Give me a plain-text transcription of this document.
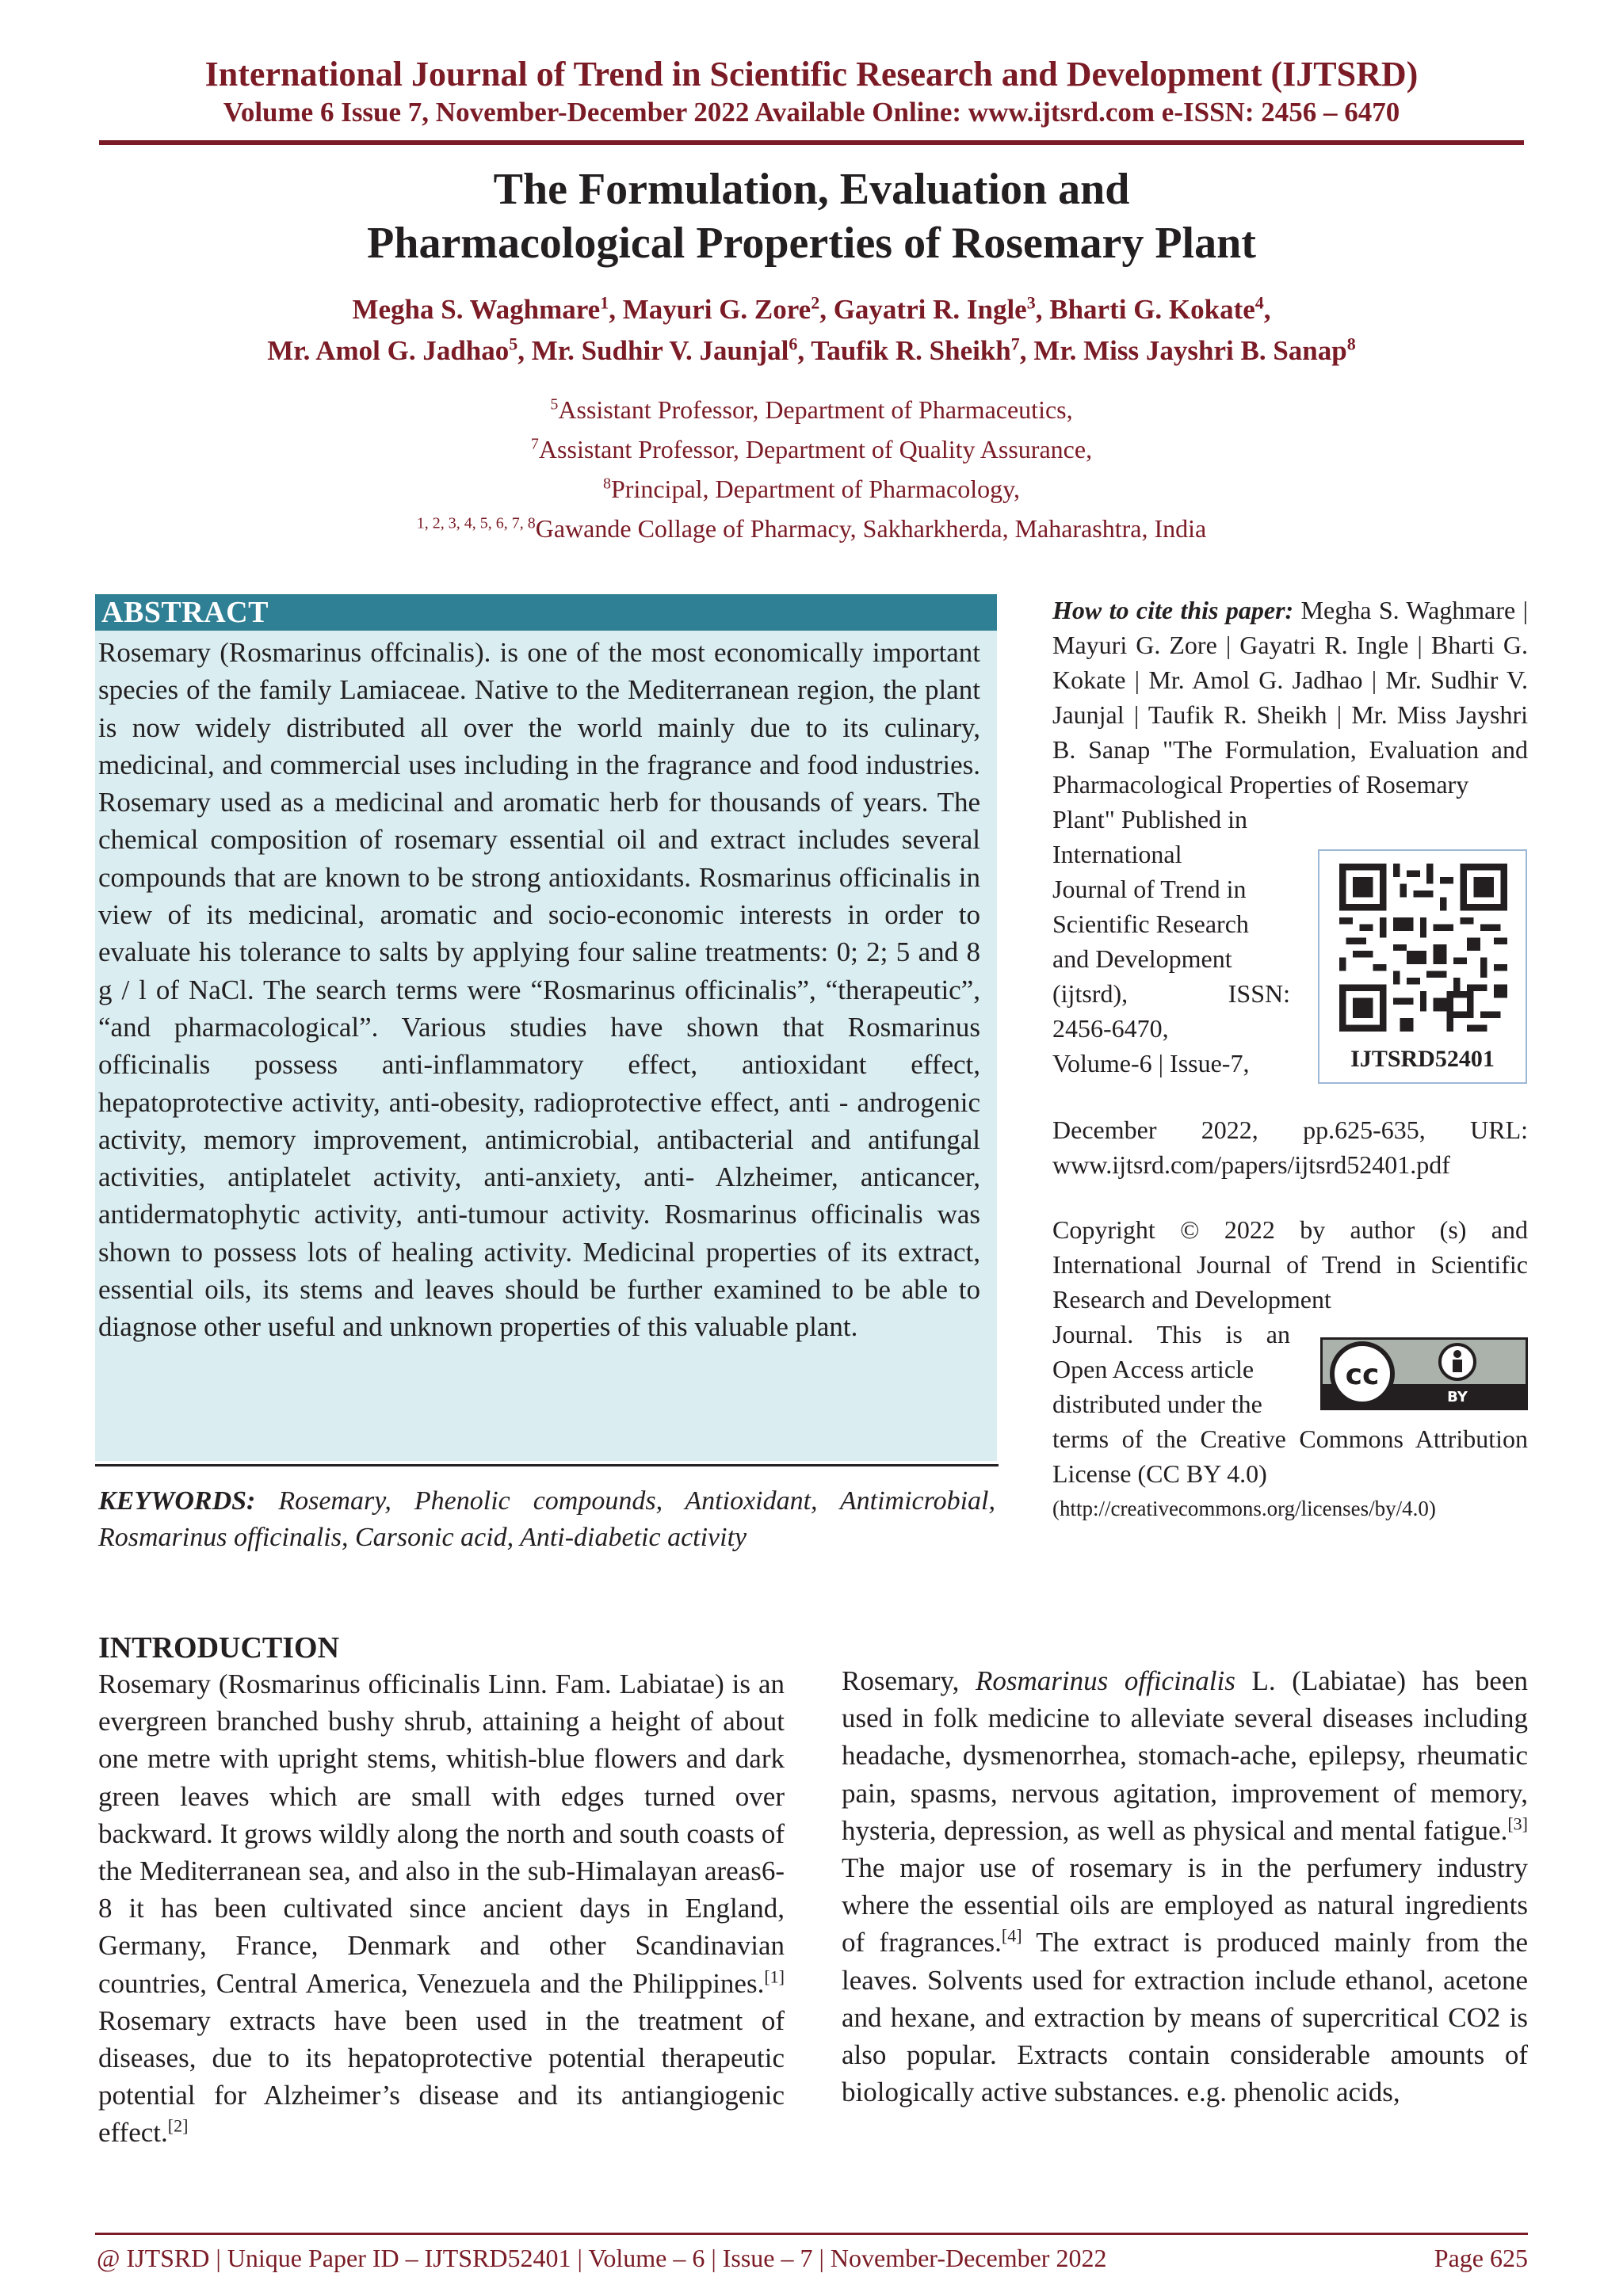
International Journal of Trend in Scientific Research and Development (IJTSRD)
Volume 6 Issue 7, November-December 2022 Available Online: www.ijtsrd.com e-ISSN: 2456 – 6470
The Formulation, Evaluation and
Pharmacological Properties of Rosemary Plant
Megha S. Waghmare$^1$, Mayuri G. Zore$^2$, Gayatri R. Ingle$^3$, Bharti G. Kokate$^4$,
Mr. Amol G. Jadhao$^5$, Mr. Sudhir V. Jaunjal$^6$, Taufik R. Sheikh$^7$, Mr. Miss Jayshri B. Sanap$^8$
$^5$Assistant Professor, Department of Pharmaceutics,
$^7$Assistant Professor, Department of Quality Assurance,
$^8$Principal, Department of Pharmacology,
$^{1, 2, 3, 4, 5, 6, 7, 8}$Gawande Collage of Pharmacy, Sakharkherda, Maharashtra, India
ABSTRACT
Rosemary (Rosmarinus offcinalis). is one of the most economically important species of the family Lamiaceae. Native to the Mediterranean region, the plant is now widely distributed all over the world mainly due to its culinary, medicinal, and commercial uses including in the fragrance and food industries. Rosemary used as a medicinal and aromatic herb for thousands of years. The chemical composition of rosemary essential oil and extract includes several compounds that are known to be strong antioxidants. Rosmarinus officinalis in view of its medicinal, aromatic and socio-economic interests in order to evaluate his tolerance to salts by applying four saline treatments: 0; 2; 5 and 8 g / l of NaCl. The search terms were “Rosmarinus officinalis”, “therapeutic”, “and pharmacological”. Various studies have shown that Rosmarinus officinalis possess anti-inflammatory effect, antioxidant effect, hepatoprotective activity, anti-obesity, radioprotective effect, anti - androgenic activity, memory improvement, antimicrobial, antibacterial and antifungal activities, antiplatelet activity, anti-anxiety, anti- Alzheimer, anticancer, antidermatophytic activity, anti-tumour activity. Rosmarinus officinalis was shown to possess lots of healing activity. Medicinal properties of its extract, essential oils, its stems and leaves should be further examined to be able to diagnose other useful and unknown properties of this valuable plant.
KEYWORDS: Rosemary, Phenolic compounds, Antioxidant, Antimicrobial, Rosmarinus officinalis, Carsonic acid, Anti-diabetic activity
How to cite this paper: Megha S. Waghmare | Mayuri G. Zore | Gayatri R. Ingle | Bharti G. Kokate | Mr. Amol G. Jadhao | Mr. Sudhir V. Jaunjal | Taufik R. Sheikh | Mr. Miss Jayshri B. Sanap "The Formulation, Evaluation and Pharmacological Properties of Rosemary
Plant" Published in
International
Journal of Trend in
Scientific Research
and Development
(ijtsrd), ISSN:
2456-6470,
Volume-6 | Issue-7,	IJTSRD52401
December 2022, pp.625-635, URL: www.ijtsrd.com/papers/ijtsrd52401.pdf
Copyright © 2022 by author (s) and International Journal of Trend in Scientific Research and Development
Journal. This is an
Open Access article
distributed under the
cc
BY
terms of the Creative Commons Attribution License (CC BY 4.0)
(http://creativecommons.org/licenses/by/4.0)
INTRODUCTION
Rosemary (Rosmarinus officinalis Linn. Fam. Labiatae) is an evergreen branched bushy shrub, attaining a height of about one metre with upright stems, whitish-blue flowers and dark green leaves which are small with edges turned over backward. It grows wildly along the north and south coasts of the Mediterranean sea, and also in the sub-Himalayan areas6-8 it has been cultivated since ancient days in England, Germany, France, Denmark and other Scandinavian countries, Central America, Venezuela and the Philippines.[1] Rosemary extracts have been used in the treatment of diseases, due to its hepatoprotective potential therapeutic potential for Alzheimer’s disease and its antiangiogenic effect.[2]
Rosemary, Rosmarinus officinalis L. (Labiatae) has been used in folk medicine to alleviate several diseases including headache, dysmenorrhea, stomach-ache, epilepsy, rheumatic pain, spasms, nervous agitation, improvement of memory, hysteria, depression, as well as physical and mental fatigue.[3] The major use of rosemary is in the perfumery industry where the essential oils are employed as natural ingredients of fragrances.[4] The extract is produced mainly from the leaves. Solvents used for extraction include ethanol, acetone and hexane, and extraction by means of supercritical CO2 is also popular. Extracts contain considerable amounts of biologically active substances. e.g. phenolic acids,
@ IJTSRD | Unique Paper ID – IJTSRD52401 | Volume – 6 | Issue – 7 | November-December 2022	Page 625
